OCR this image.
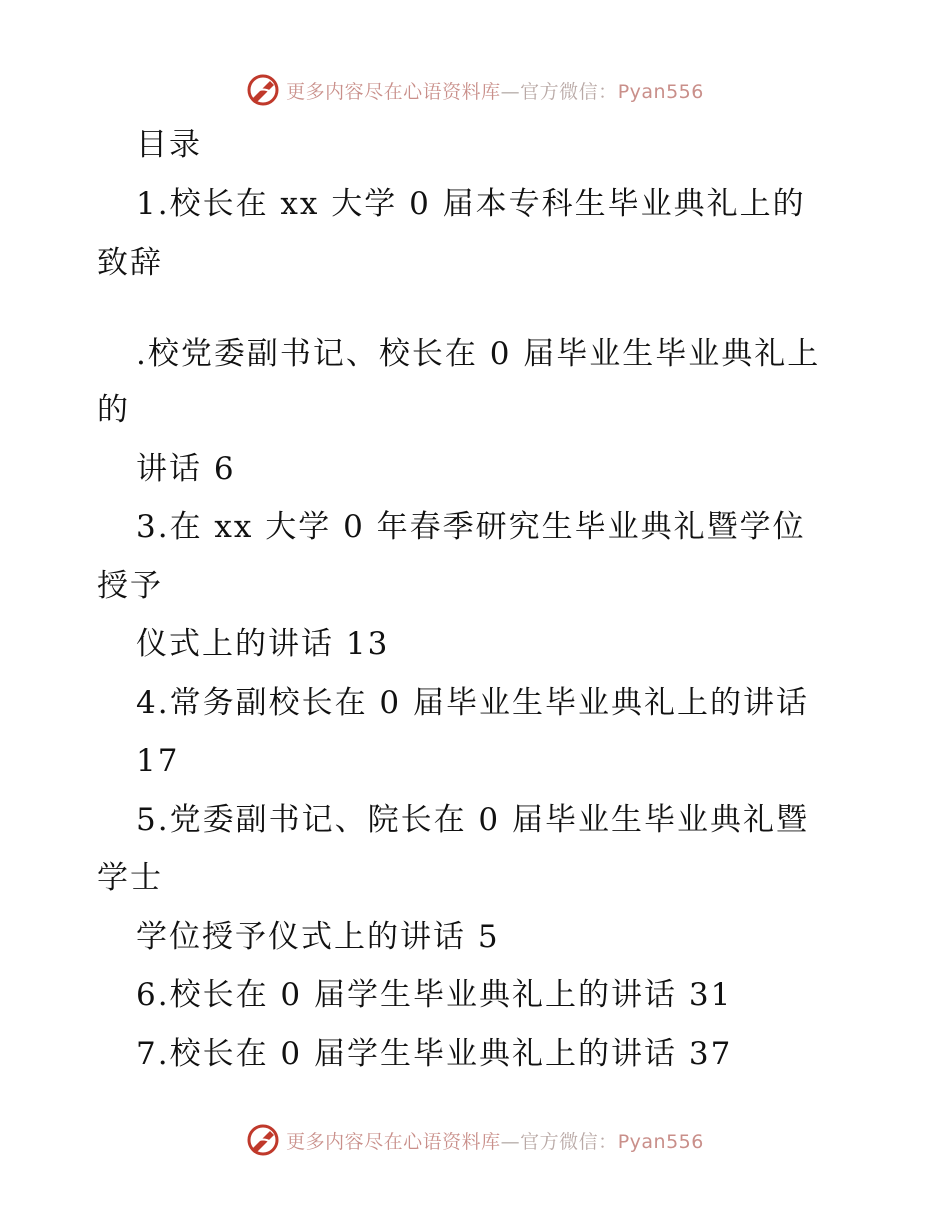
更多内容尽在心语资料库—官方微信：Pyan556
目录
1.校长在 xx 大学 0 届本专科生毕业典礼上的
致辞
.校党委副书记、校长在 0 届毕业生毕业典礼上
的
讲话 6
3.在 xx 大学 0 年春季研究生毕业典礼暨学位
授予
仪式上的讲话 13
4.常务副校长在 0 届毕业生毕业典礼上的讲话
17
5.党委副书记、院长在 0 届毕业生毕业典礼暨
学士
学位授予仪式上的讲话 5
6.校长在 0 届学生毕业典礼上的讲话 31
7.校长在 0 届学生毕业典礼上的讲话 37
更多内容尽在心语资料库—官方微信：Pyan556
